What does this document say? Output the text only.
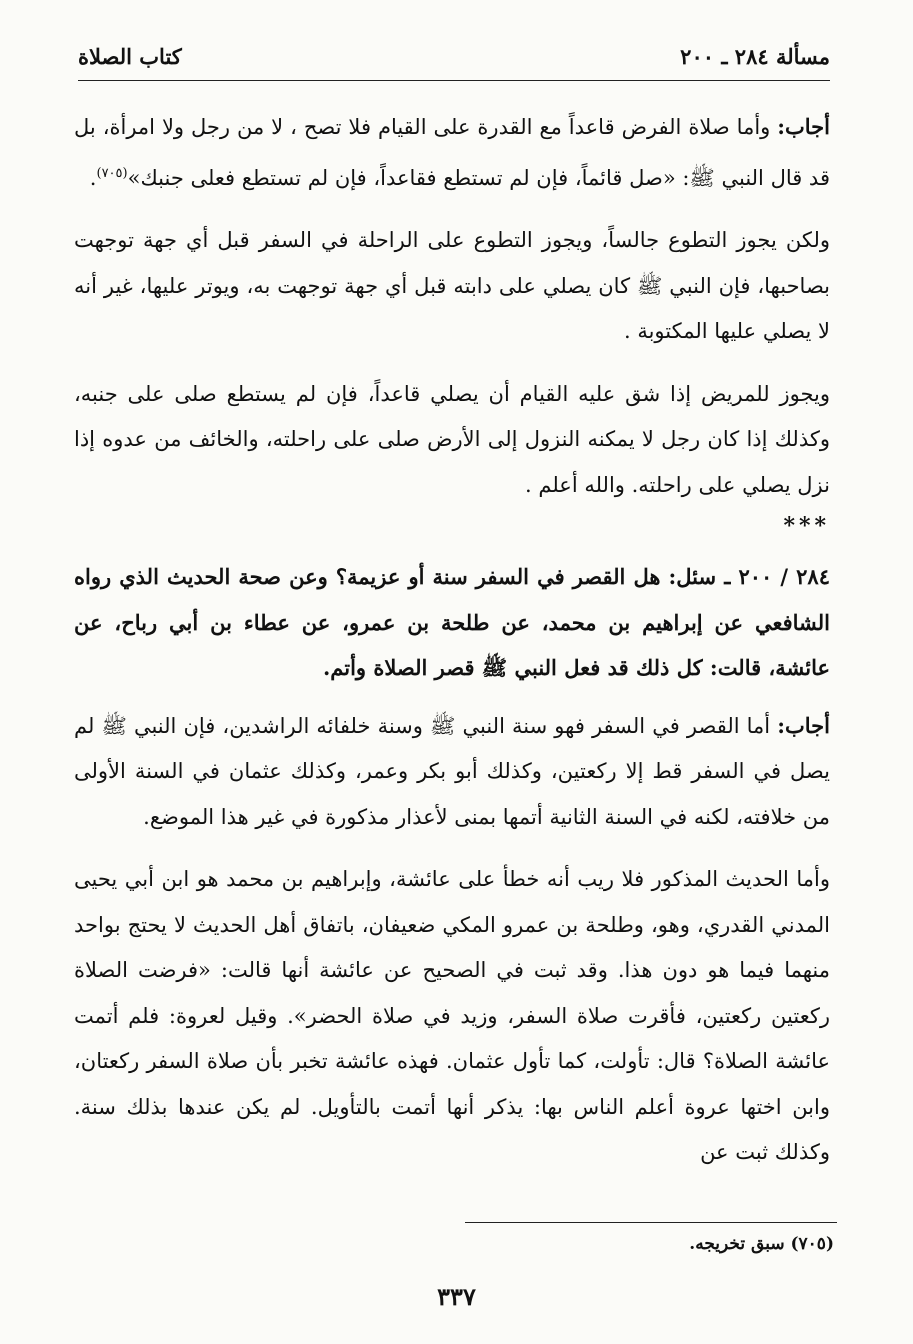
مسألة ٢٨٤ ـ ٢٠٠
كتاب الصلاة

أجاب: وأما صلاة الفرض قاعداً مع القدرة على القيام فلا تصح ، لا من رجل ولا امرأة، بل قد قال النبي ﷺ: «صل قائماً، فإن لم تستطع فقاعداً، فإن لم تستطع فعلى جنبك»$^{(٧٠٥)}$.

ولكن يجوز التطوع جالساً، ويجوز التطوع على الراحلة في السفر قبل أي جهة توجهت بصاحبها، فإن النبي ﷺ كان يصلي على دابته قبل أي جهة توجهت به، ويوتر عليها، غير أنه لا يصلي عليها المكتوبة .

ويجوز للمريض إذا شق عليه القيام أن يصلي قاعداً، فإن لم يستطع صلى على جنبه، وكذلك إذا كان رجل لا يمكنه النزول إلى الأرض صلى على راحلته، والخائف من عدوه إذا نزل يصلي على راحلته. والله أعلم .

***

٢٨٤ / ٢٠٠ ـ سئل: هل القصر في السفر سنة أو عزيمة؟ وعن صحة الحديث الذي رواه الشافعي عن إبراهيم بن محمد، عن طلحة بن عمرو، عن عطاء بن أبي رباح، عن عائشة، قالت: كل ذلك قد فعل النبي ﷺ قصر الصلاة وأتم.

أجاب: أما القصر في السفر فهو سنة النبي ﷺ وسنة خلفائه الراشدين، فإن النبي ﷺ لم يصل في السفر قط إلا ركعتين، وكذلك أبو بكر وعمر، وكذلك عثمان في السنة الأولى من خلافته، لكنه في السنة الثانية أتمها بمنى لأعذار مذكورة في غير هذا الموضع.

وأما الحديث المذكور فلا ريب أنه خطأ على عائشة، وإبراهيم بن محمد هو ابن أبي يحيى المدني القدري، وهو، وطلحة بن عمرو المكي ضعيفان، باتفاق أهل الحديث لا يحتج بواحد منهما فيما هو دون هذا. وقد ثبت في الصحيح عن عائشة أنها قالت: «فرضت الصلاة ركعتين ركعتين، فأقرت صلاة السفر، وزيد في صلاة الحضر». وقيل لعروة: فلم أتمت عائشة الصلاة؟ قال: تأولت، كما تأول عثمان. فهذه عائشة تخبر بأن صلاة السفر ركعتان، وابن اختها عروة أعلم الناس بها: يذكر أنها أتمت بالتأويل. لم يكن عندها بذلك سنة. وكذلك ثبت عن

(٧٠٥) سبق تخريجه.
٣٣٧
